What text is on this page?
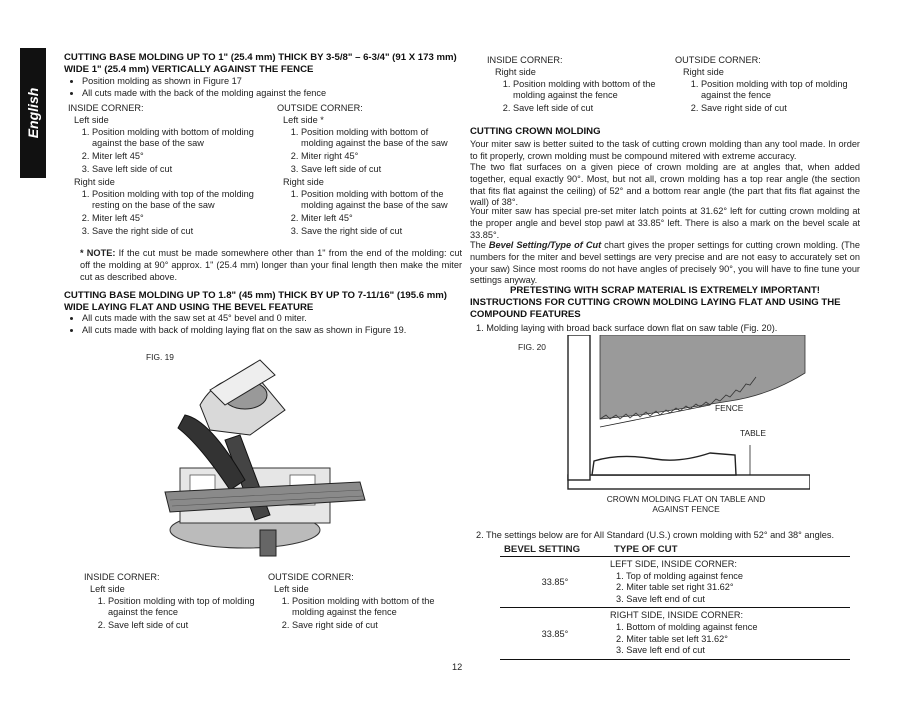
English
CUTTING BASE MOLDING UP TO 1" (25.4 mm) THICK BY 3-5/8" – 6-3/4" (91 X 173 mm) WIDE 1" (25.4 mm) VERTICALLY AGAINST THE FENCE
• Position molding as shown in Figure 17
• All cuts made with the back of the molding against the fence
INSIDE CORNER:
Left side
1. Position molding with bottom of molding against the base of the saw
2. Miter left 45°
3. Save left side of cut
Right side
1. Position molding with top of the molding resting on the base of the saw
2. Miter left 45°
3. Save the right side of cut
OUTSIDE CORNER:
Left side *
1. Position molding with bottom of molding against the base of the saw
2. Miter right 45°
3. Save left side of cut
Right side
1. Position molding with bottom of the molding against the base of the saw
2. Miter left 45°
3. Save the right side of cut
* NOTE: If the cut must be made somewhere other than 1" from the end of the molding: cut off the molding at 90° approx. 1" (25.4 mm) longer than your final length then make the miter cut as described above.
CUTTING BASE MOLDING UP TO 1.8" (45 mm) THICK BY UP TO 7-11/16" (195.6 mm) WIDE LAYING FLAT AND USING THE BEVEL FEATURE
• All cuts made with the saw set at 45° bevel and 0 miter.
• All cuts made with back of molding laying flat on the saw as shown in Figure 19.
FIG. 19
INSIDE CORNER:
Left side
1. Position molding with top of molding against the fence
2. Save left side of cut
OUTSIDE CORNER:
Left side
1. Position molding with bottom of the molding against the fence
2. Save right side of cut
INSIDE CORNER:
Right side
1. Position molding with bottom of the molding against the fence
2. Save left side of cut
OUTSIDE CORNER:
Right side
1. Position molding with top of molding against the fence
2. Save right side of cut
CUTTING CROWN MOLDING
Your miter saw is better suited to the task of cutting crown molding than any tool made. In order to fit properly, crown molding must be compound mitered with extreme accuracy.
The two flat surfaces on a given piece of crown molding are at angles that, when added together, equal exactly 90°. Most, but not all, crown molding has a top rear angle (the section that fits flat against the ceiling) of 52° and a bottom rear angle (the part that fits flat against the wall) of 38°.
Your miter saw has special pre-set miter latch points at 31.62° left for cutting crown molding at the proper angle and bevel stop pawl at 33.85° left. There is also a mark on the bevel scale at 33.85°.
The Bevel Setting/Type of Cut chart gives the proper settings for cutting crown molding. (The numbers for the miter and bevel settings are very precise and are not easy to accurately set on your saw) Since most rooms do not have angles of precisely 90°, you will have to fine tune your settings anyway.
PRETESTING WITH SCRAP MATERIAL IS EXTREMELY IMPORTANT!
INSTRUCTIONS FOR CUTTING CROWN MOLDING LAYING FLAT AND USING THE COMPOUND FEATURES
1. Molding laying with broad back surface down flat on saw table (Fig. 20).
FIG. 20
FENCE
TABLE
CROWN MOLDING FLAT ON TABLE AND
AGAINST FENCE
2. The settings below are for All Standard (U.S.) crown molding with 52° and 38° angles.
BEVEL SETTING	TYPE OF CUT
33.85°
LEFT SIDE, INSIDE CORNER:
1. Top of molding against fence
2. Miter table set right 31.62°
3. Save left end of cut
33.85°
RIGHT SIDE, INSIDE CORNER:
1. Bottom of molding against fence
2. Miter table set left 31.62°
3. Save left end of cut
12
